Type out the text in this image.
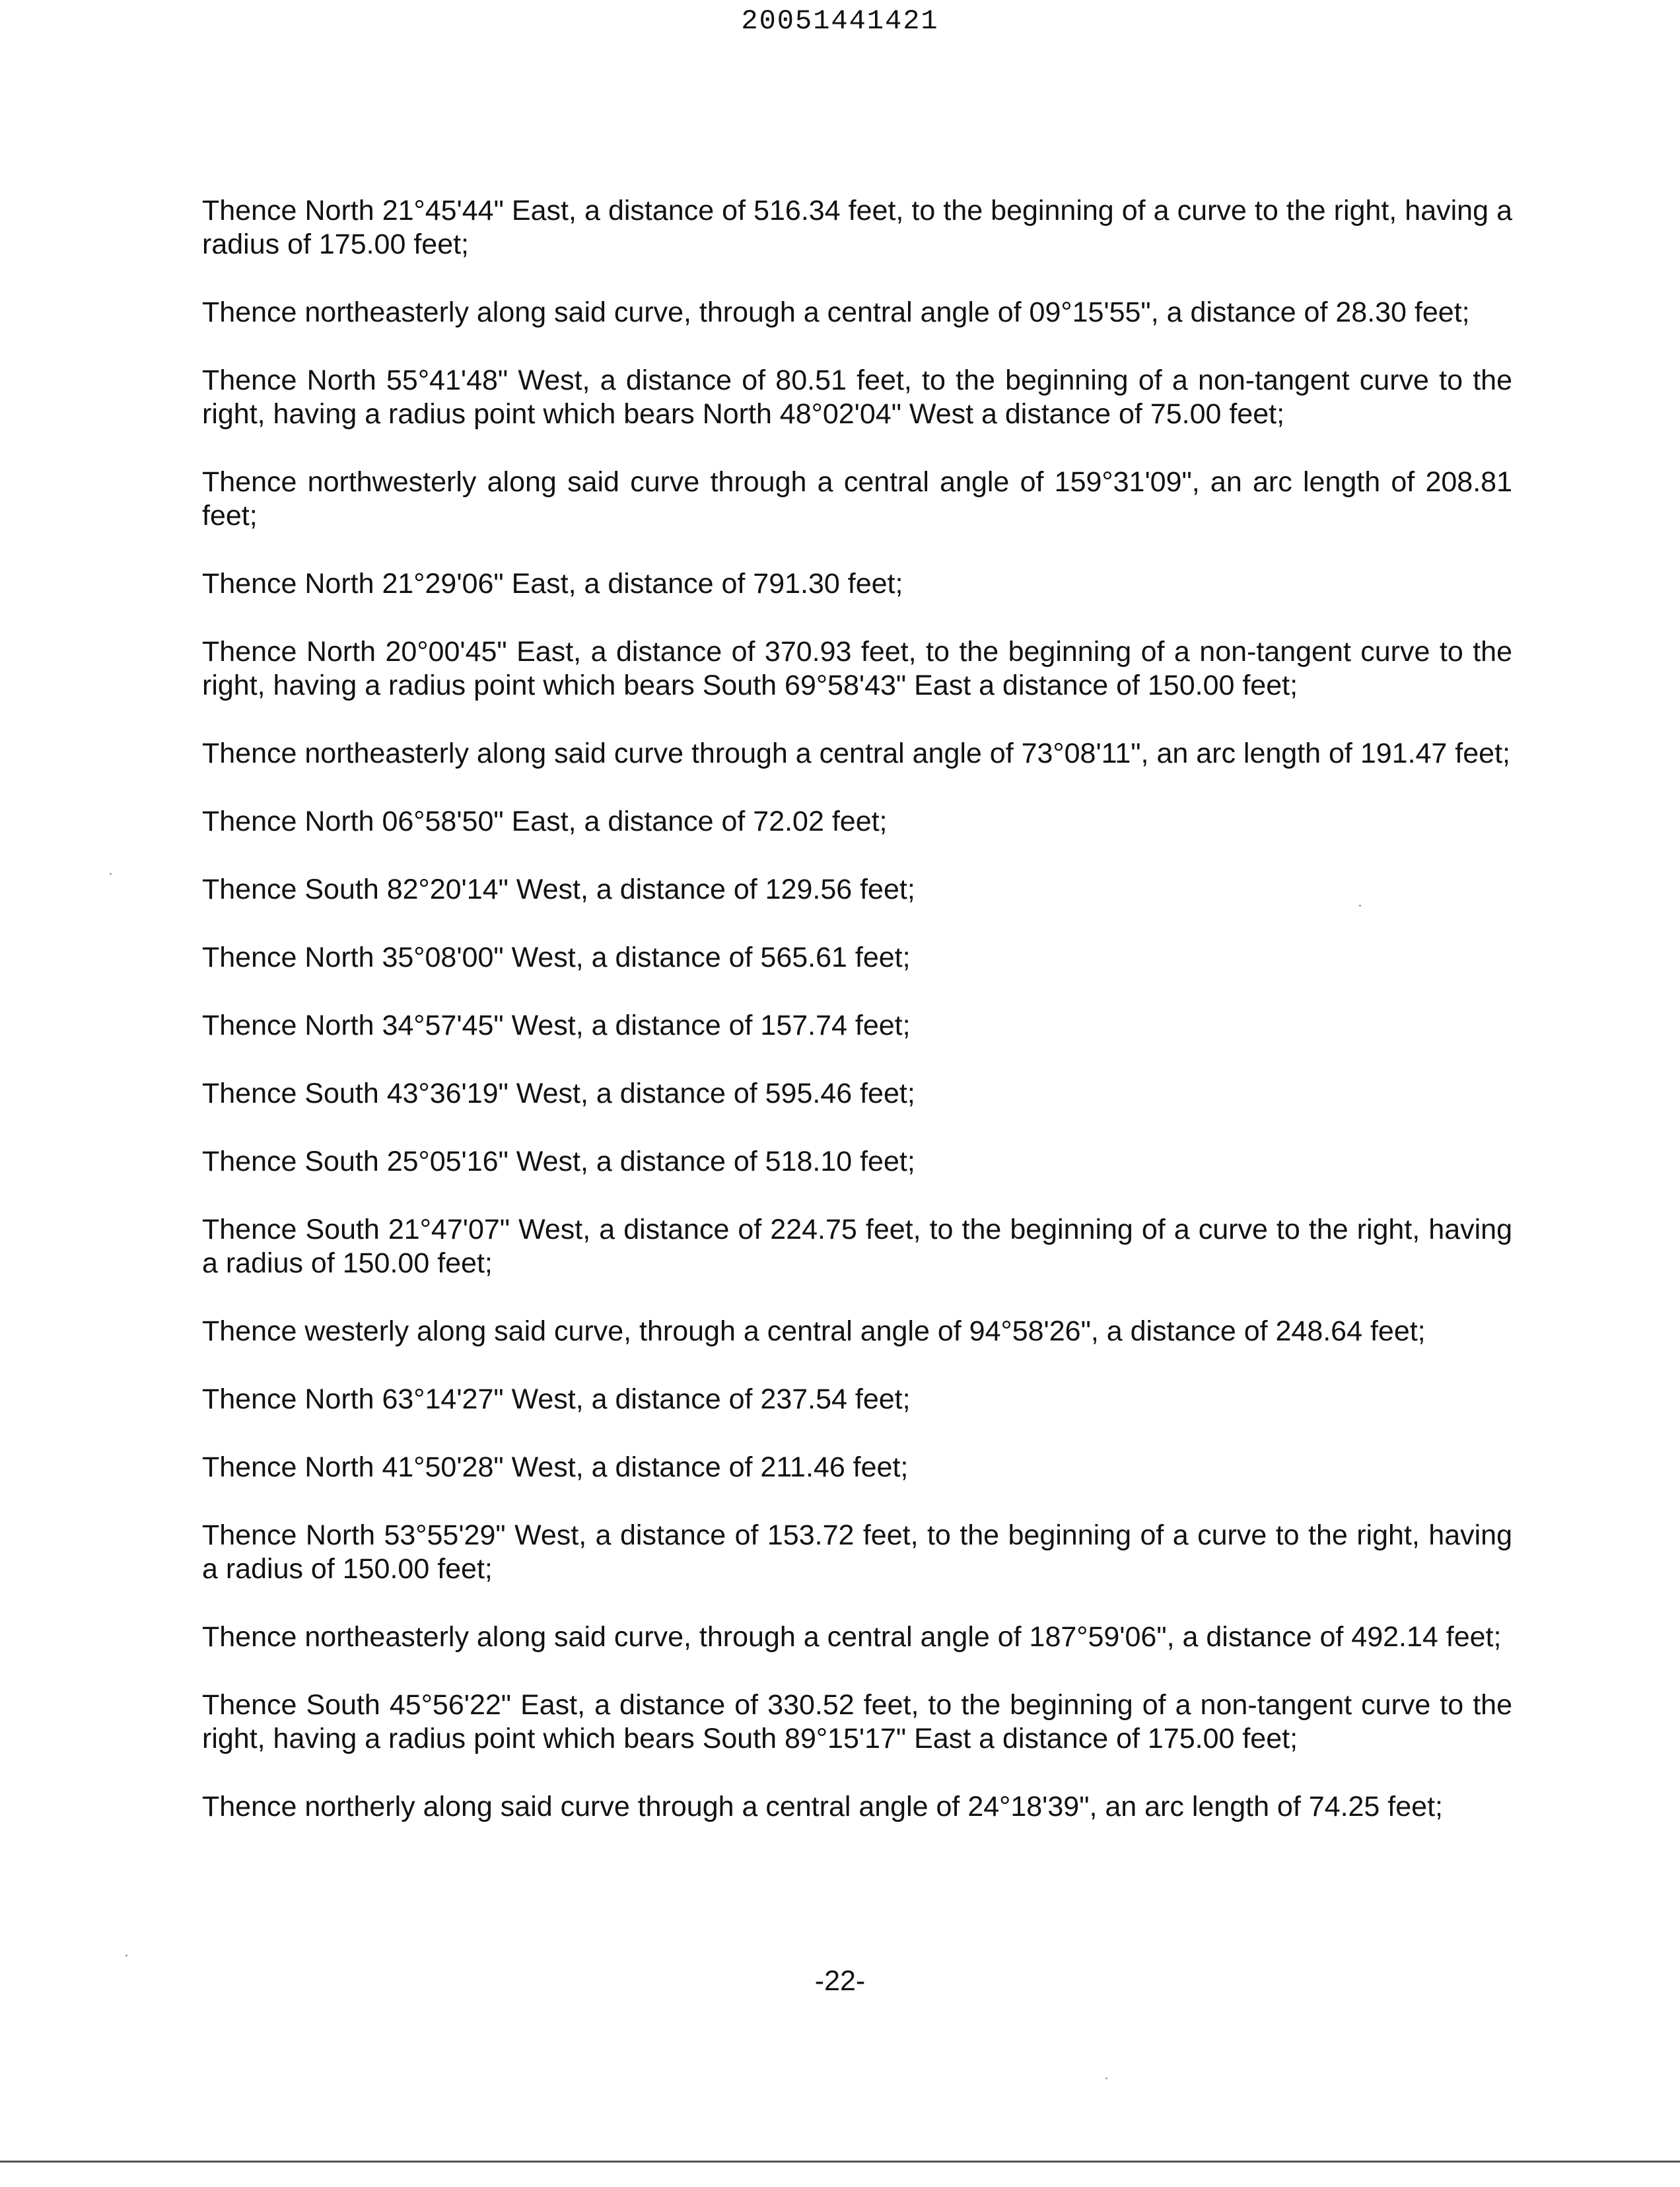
20051441421

Thence North 21°45'44" East, a distance of 516.34 feet, to the beginning of a curve to the right, having a radius of 175.00 feet;

Thence northeasterly along said curve, through a central angle of 09°15'55", a distance of 28.30 feet;

Thence North 55°41'48" West, a distance of 80.51 feet, to the beginning of a non-tangent curve to the right, having a radius point which bears North 48°02'04" West a distance of 75.00 feet;

Thence northwesterly along said curve through a central angle of 159°31'09", an arc length of 208.81 feet;

Thence North 21°29'06" East, a distance of 791.30 feet;

Thence North 20°00'45" East, a distance of 370.93 feet, to the beginning of a non-tangent curve to the right, having a radius point which bears South 69°58'43" East a distance of 150.00 feet;

Thence northeasterly along said curve through a central angle of 73°08'11", an arc length of 191.47 feet;

Thence North 06°58'50" East, a distance of 72.02 feet;

Thence South 82°20'14" West, a distance of 129.56 feet;

Thence North 35°08'00" West, a distance of 565.61 feet;

Thence North 34°57'45" West, a distance of 157.74 feet;

Thence South 43°36'19" West, a distance of 595.46 feet;

Thence South 25°05'16" West, a distance of 518.10 feet;

Thence South 21°47'07" West, a distance of 224.75 feet, to the beginning of a curve to the right, having a radius of 150.00 feet;

Thence westerly along said curve, through a central angle of 94°58'26", a distance of 248.64 feet;

Thence North 63°14'27" West, a distance of 237.54 feet;

Thence North 41°50'28" West, a distance of 211.46 feet;

Thence North 53°55'29" West, a distance of 153.72 feet, to the beginning of a curve to the right, having a radius of 150.00 feet;

Thence northeasterly along said curve, through a central angle of 187°59'06", a distance of 492.14 feet;

Thence South 45°56'22" East, a distance of 330.52 feet, to the beginning of a non-tangent curve to the right, having a radius point which bears South 89°15'17" East a distance of 175.00 feet;

Thence northerly along said curve through a central angle of 24°18'39", an arc length of 74.25 feet;

-22-
